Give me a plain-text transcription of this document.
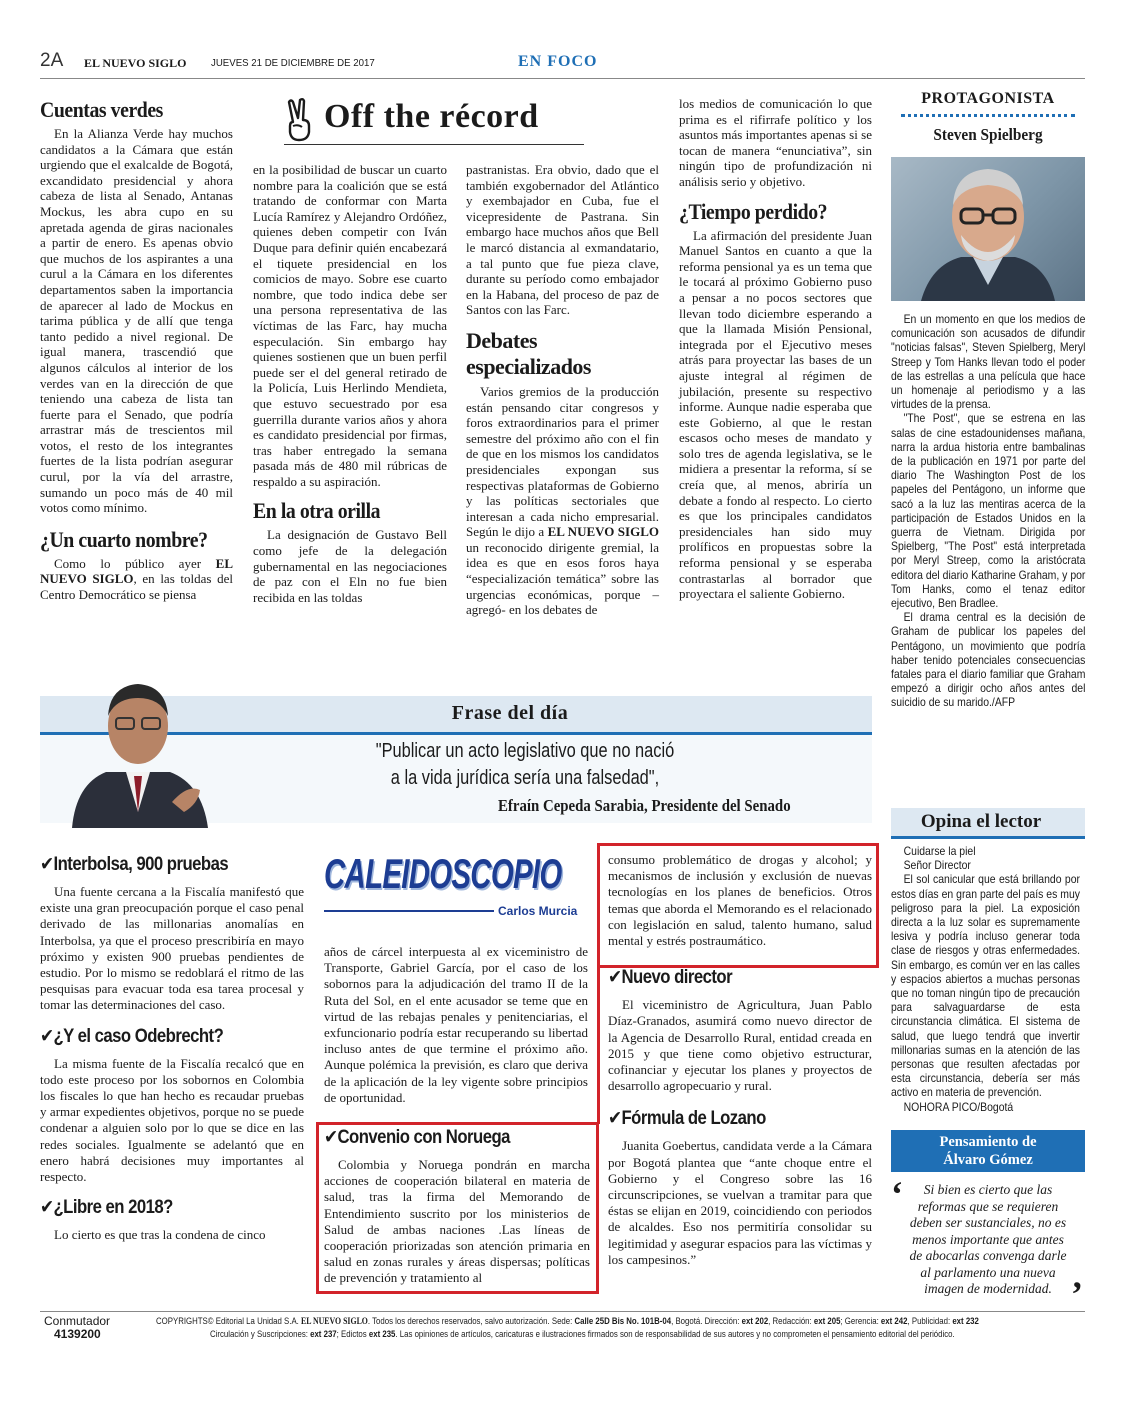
2A EL NUEVO SIGLO JUEVES 21 DE DICIEMBRE DE 2017	EN FOCO
Cuentas verdes

En la Alianza Verde hay muchos candidatos a la Cámara que están urgiendo que el exalcalde de Bogotá, excandidato presidencial y ahora cabeza de lista al Senado, Antanas Mockus, les abra cupo en su apretada agenda de giras nacionales a partir de enero. Es apenas obvio que muchos de los aspirantes a una curul a la Cámara en los diferentes departamentos saben la importancia de aparecer al lado de Mockus en tarima pública y de allí que tenga tanto pedido a nivel regional. De igual manera, trascendió que algunos cálculos al interior de los verdes van en la dirección de que teniendo una cabeza de lista tan fuerte para el Senado, que podría arrastrar más de trescientos mil votos, el resto de los integrantes fuertes de la lista podrían asegurar curul, por la vía del arrastre, sumando un poco más de 40 mil votos como mínimo.

¿Un cuarto nombre?

Como lo público ayer EL NUEVO SIGLO, en las toldas del Centro Democrático se piensa

Off the récord

en la posibilidad de buscar un cuarto nombre para la coalición que se está tratando de conformar con Marta Lucía Ramírez y Alejandro Ordóñez, quienes deben competir con Iván Duque para definir quién encabezará el tiquete presidencial en los comicios de mayo. Sobre ese cuarto nombre, que todo indica debe ser una persona representativa de las víctimas de las Farc, hay mucha especulación. Sin embargo hay quienes sostienen que un buen perfil puede ser el del general retirado de la Policía, Luis Herlindo Mendieta, que estuvo secuestrado por esa guerrilla durante varios años y ahora es candidato presidencial por firmas, tras haber entregado la semana pasada más de 480 mil rúbricas de respaldo a su aspiración.

En la otra orilla

La designación de Gustavo Bell como jefe de la delegación gubernamental en las negociaciones de paz con el Eln no fue bien recibida en las toldas

pastranistas. Era obvio, dado que el también exgobernador del Atlántico y exembajador en Cuba, fue el vicepresidente de Pastrana. Sin embargo hace muchos años que Bell le marcó distancia al exmandatario, a tal punto que fue pieza clave, durante su período como embajador en la Habana, del proceso de paz de Santos con las Farc.

Debates especializados

Varios gremios de la producción están pensando citar congresos y foros extraordinarios para el primer semestre del próximo año con el fin de que en los mismos los candidatos presidenciales expongan sus respectivas plataformas de Gobierno y las políticas sectoriales que interesan a cada nicho empresarial. Según le dijo a EL NUEVO SIGLO un reconocido dirigente gremial, la idea es que en esos foros haya “especialización temática” sobre las urgencias económicas, porque –agregó- en los debates de

los medios de comunicación lo que prima es el rifirrafe político y los asuntos más importantes apenas si se tocan de manera “enunciativa”, sin ningún tipo de profundización ni análisis serio y objetivo.

¿Tiempo perdido?

La afirmación del presidente Juan Manuel Santos en cuanto a que la reforma pensional ya es un tema que le tocará al próximo Gobierno puso a pensar a no pocos sectores que llevan todo diciembre esperando a que la llamada Misión Pensional, integrada por el Ejecutivo meses atrás para proyectar las bases de un ajuste integral al régimen de jubilación, presente su respectivo informe. Aunque nadie esperaba que este Gobierno, al que le restan escasos ocho meses de mandato y solo tres de agenda legislativa, se le midiera a presentar la reforma, sí se creía que, al menos, abriría un debate a fondo al respecto. Lo cierto es que los principales candidatos presidenciales han sido muy prolíficos en propuestas sobre la reforma pensional y se esperaba contrastarlas al borrador que proyectara el saliente Gobierno.

PROTAGONISTA
Steven Spielberg

En un momento en que los medios de comunicación son acusados de difundir "noticias falsas", Steven Spielberg, Meryl Streep y Tom Hanks llevan todo el poder de las estrellas a una película que hace un homenaje al periodismo y a las virtudes de la prensa.

"The Post", que se estrena en las salas de cine estadounidenses mañana, narra la ardua historia entre bambalinas de la publicación en 1971 por parte del diario The Washington Post de los papeles del Pentágono, un informe que sacó a la luz las mentiras acerca de la participación de Estados Unidos en la guerra de Vietnam. Dirigida por Spielberg, "The Post" está interpretada por Meryl Streep, como la aristócrata editora del diario Katharine Graham, y por Tom Hanks, como el tenaz editor ejecutivo, Ben Bradlee.

El drama central es la decisión de Graham de publicar los papeles del Pentágono, un movimiento que podría haber tenido potenciales consecuencias fatales para el diario familiar que Graham empezó a dirigir ocho años antes del suicidio de su marido./AFP

Frase del día
"Publicar un acto legislativo que no nació
a la vida jurídica sería una falsedad",
Efraín Cepeda Sarabia, Presidente del Senado
✔Interbolsa, 900 pruebas

Una fuente cercana a la Fiscalía manifestó que existe una gran preocupación porque el caso penal derivado de las millonarias anomalías en Interbolsa, ya que el proceso prescribiría en mayo próximo y existen 900 pruebas pendientes de estudio. Por lo mismo se redoblará el ritmo de las pesquisas para evacuar toda esa tarea procesal y tomar las determinaciones del caso.

✔¿Y el caso Odebrecht?

La misma fuente de la Fiscalía recalcó que en todo este proceso por los sobornos en Colombia los fiscales lo que han hecho es recaudar pruebas y armar expedientes objetivos, porque no se puede condenar a alguien solo por lo que se dice en las redes sociales. Igualmente se adelantó que en enero habrá decisiones muy importantes al respecto.

✔¿Libre en 2018?

Lo cierto es que tras la condena de cinco

CALEIDOSCOPIO
Carlos Murcia

años de cárcel interpuesta al ex viceministro de Transporte, Gabriel García, por el caso de los sobornos para la adjudicación del tramo II de la Ruta del Sol, en el ente acusador se teme que en virtud de las rebajas penales y penitenciarias, el exfuncionario podría estar recuperando su libertad incluso antes de que termine el próximo año. Aunque polémica la previsión, es claro que deriva de la aplicación de la ley vigente sobre principios de oportunidad.

✔Convenio con Noruega

Colombia y Noruega pondrán en marcha acciones de cooperación bilateral en materia de salud, tras la firma del Memorando de Entendimiento suscrito por los ministerios de Salud de ambas naciones .Las líneas de cooperación priorizadas son atención primaria en salud en zonas rurales y áreas dispersas; políticas de prevención y tratamiento al

consumo problemático de drogas y alcohol; y mecanismos de inclusión y exclusión de nuevas tecnologías en los planes de beneficios. Otros temas que aborda el Memorando es el relacionado con legislación en salud, talento humano, salud mental y estrés postraumático.

✔Nuevo director

El viceministro de Agricultura, Juan Pablo Díaz-Granados, asumirá como nuevo director de la Agencia de Desarrollo Rural, entidad creada en 2015 y que tiene como objetivo estructurar, cofinanciar y ejecutar los planes y proyectos de desarrollo agropecuario y rural.

✔Fórmula de Lozano

Juanita Goebertus, candidata verde a la Cámara por Bogotá plantea que “ante choque entre el Gobierno y el Congreso sobre las 16 circunscripciones, se vuelvan a tramitar para que éstas se elijan en 2019, coincidiendo con periodos de alcaldes. Eso nos permitiría consolidar su legitimidad y asegurar espacios para las víctimas y los campesinos.”

Opina el lector
Cuidarse la piel
Señor Director

El sol canicular que está brillando por estos días en gran parte del país es muy peligroso para la piel. La exposición directa a la luz solar es supremamente lesiva y podría incluso generar toda clase de riesgos y otras enfermedades. Sin embargo, es común ver en las calles y espacios abiertos a muchas personas que no toman ningún tipo de precaución para salvaguardarse de esta circunstancia climática. El sistema de salud, que luego tendrá que invertir millonarias sumas en la atención de las personas que resulten afectadas por esta circunstancia, debería ser más activo en materia de prevención.

NOHORA PICO/Bogotá
Pensamiento de
Álvaro Gómez
‘	Si bien es cierto que las reformas que se requieren deben ser sustanciales, no es menos importante que antes de abocarlas convenga darle al parlamento una nueva imagen de modernidad. ’
Conmutador
4139200
COPYRIGHTS© Editorial La Unidad S.A. EL NUEVO SIGLO. Todos los derechos reservados, salvo autorización. Sede: Calle 25D Bis No. 101B-04, Bogotá. Dirección: ext 202, Redacción: ext 205; Gerencia: ext 242, Publicidad: ext 232
Circulación y Suscripciones: ext 237; Edictos ext 235. Las opiniones de artículos, caricaturas e ilustraciones firmados son de responsabilidad de sus autores y no comprometen el pensamiento editorial del periódico.
